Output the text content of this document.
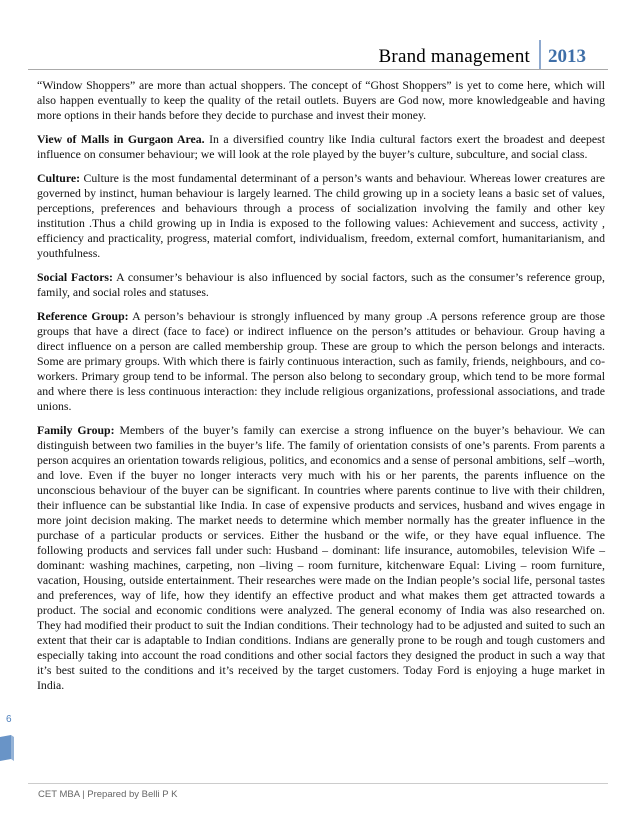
Brand management 2013

“Window Shoppers” are more than actual shoppers. The concept of “Ghost Shoppers” is yet to come here, which will also happen eventually to keep the quality of the retail outlets. Buyers are God now, more knowledgeable and having more options in their hands before they decide to purchase and invest their money.

View of Malls in Gurgaon Area. In a diversified country like India cultural factors exert the broadest and deepest influence on consumer behaviour; we will look at the role played by the buyer’s culture, subculture, and social class.

Culture: Culture is the most fundamental determinant of a person’s wants and behaviour. Whereas lower creatures are governed by instinct, human behaviour is largely learned. The child growing up in a society leans a basic set of values, perceptions, preferences and behaviours through a process of socialization involving the family and other key institution .Thus a child growing up in India is exposed to the following values: Achievement and success, activity , efficiency and practicality, progress, material comfort, individualism, freedom, external comfort, humanitarianism, and youthfulness.

Social Factors: A consumer’s behaviour is also influenced by social factors, such as the consumer’s reference group, family, and social roles and statuses.

Reference Group: A person’s behaviour is strongly influenced by many group .A persons reference group are those groups that have a direct (face to face) or indirect influence on the person’s attitudes or behaviour. Group having a direct influence on a person are called membership group. These are group to which the person belongs and interacts. Some are primary groups. With which there is fairly continuous interaction, such as family, friends, neighbours, and co-workers. Primary group tend to be informal. The person also belong to secondary group, which tend to be more formal and where there is less continuous interaction: they include religious organizations, professional associations, and trade unions.

Family Group: Members of the buyer’s family can exercise a strong influence on the buyer’s behaviour. We can distinguish between two families in the buyer’s life. The family of orientation consists of one’s parents. From parents a person acquires an orientation towards religious, politics, and economics and a sense of personal ambitions, self –worth, and love. Even if the buyer no longer interacts very much with his or her parents, the parents influence on the unconscious behaviour of the buyer can be significant. In countries where parents continue to live with their children, their influence can be substantial like India. In case of expensive products and services, husband and wives engage in more joint decision making. The market needs to determine which member normally has the greater influence in the purchase of a particular products or services. Either the husband or the wife, or they have equal influence. The following products and services fall under such: Husband – dominant: life insurance, automobiles, television Wife – dominant: washing machines, carpeting, non –living – room furniture, kitchenware Equal: Living – room furniture, vacation, Housing, outside entertainment. Their researches were made on the Indian people’s social life, personal tastes and preferences, way of life, how they identify an effective product and what makes them get attracted towards a product. The social and economic conditions were analyzed. The general economy of India was also researched on. They had modified their product to suit the Indian conditions. Their technology had to be adjusted and suited to such an extent that their car is adaptable to Indian conditions. Indians are generally prone to be rough and tough customers and especially taking into account the road conditions and other social factors they designed the product in such a way that it’s best suited to the conditions and it’s received by the target customers. Today Ford is enjoying a huge market in India.

6
CET MBA | Prepared by Belli P K
